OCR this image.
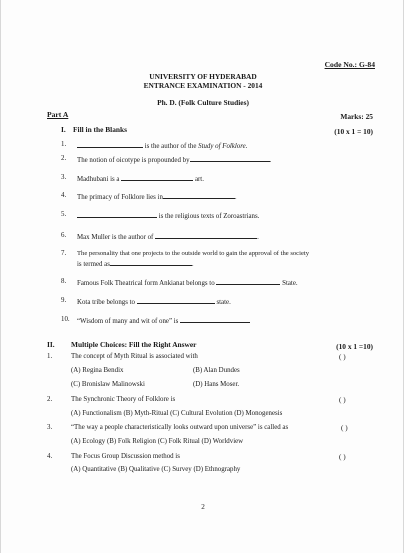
Code No.: G-84
UNIVERSITY OF HYDERABAD
ENTRANCE EXAMINATION - 2014
Ph. D. (Folk Culture Studies)
Part A	Marks: 25
I. Fill in the Blanks	(10 x 1 = 10)
1.	is the author of the Study of Folklore.
2. The notion of oicotype is propounded by	.
3. Madhubani is a	art.
4. The primacy of Folklore lies in	.
5.	is the religious texts of Zoroastrians.
6. Max Muller is the author of	.
7. The personality that one projects to the outside world to gain the approval of the society
is termed as	.
8. Famous Folk Theatrical form Ankianat belongs to	State.
9. Kota tribe belongs to	state.
10. “Wisdom of many and wit of one” is
II. Multiple Choices: Fill the Right Answer	(10 x 1 =10)
1.	The concept of Myth Ritual is associated with	( )
(A) Regina Bendix	(B) Alan Dundes
(C) Bronislaw Malinowski	(D) Hans Moser.
2.	The Synchronic Theory of Folklore is	( )
(A) Functionalism (B) Myth-Ritual (C) Cultural Evolution (D) Monogenesis
3.	“The way a people characteristically looks outward upon universe” is called as	( )
(A) Ecology (B) Folk Religion (C) Folk Ritual (D) Worldview
4.	The Focus Group Discussion method is	( )
(A) Quantitative (B) Qualitative (C) Survey (D) Ethnography
2
